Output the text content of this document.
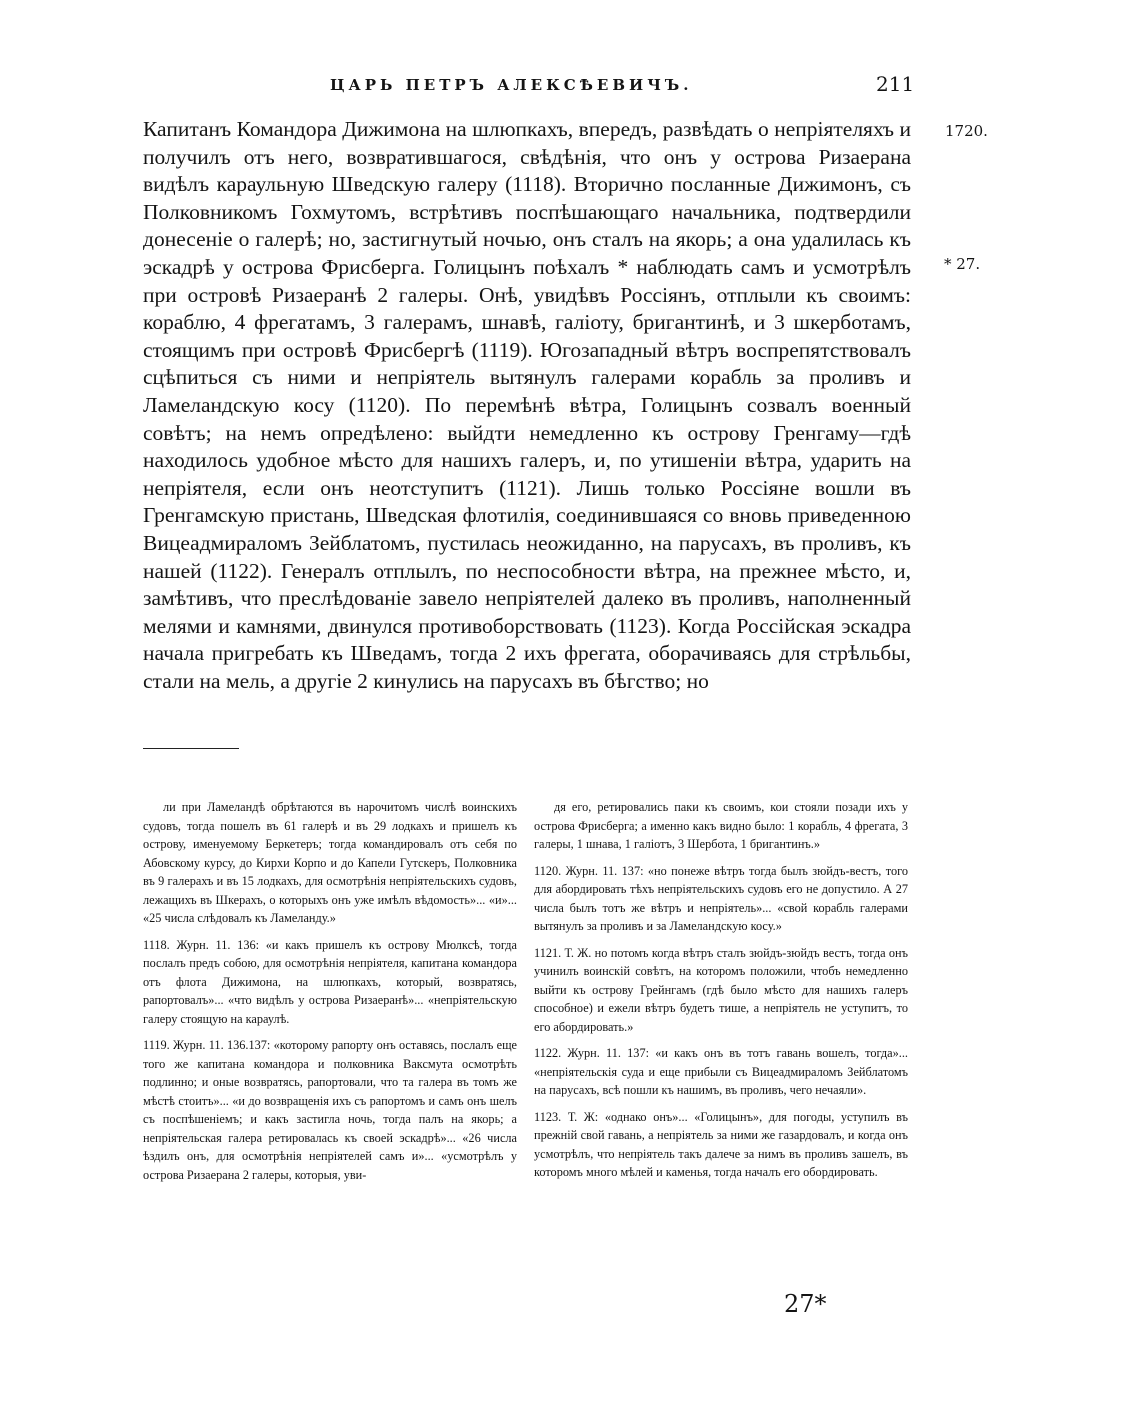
ЦАРЬ ПЕТРЪ АЛЕКСѢЕВИЧЪ.	211
1720.
* 27.

Капитанъ Командора Дижимона на шлюпкахъ, впередъ, развѣдать о непріятеляхъ и получилъ отъ него, возвратившагося, свѣдѣнія, что онъ у острова Ризаерана видѣлъ караульную Шведскую галеру (1118). Вторично посланные Дижимонъ, съ Полковникомъ Гохмутомъ, встрѣтивъ поспѣшающаго начальника, подтвердили донесеніе о галерѣ; но, застигнутый ночью, онъ сталъ на якорь; а она удалилась къ эскадрѣ у острова Фрисберга. Голицынъ поѣхалъ * наблюдать самъ и усмотрѣлъ при островѣ Ризаеранѣ 2 галеры. Онѣ, увидѣвъ Россіянъ, отплыли къ своимъ: кораблю, 4 фрегатамъ, 3 галерамъ, шнавѣ, галіоту, бригантинѣ, и 3 шкерботамъ, стоящимъ при островѣ Фрисбергѣ (1119). Югозападный вѣтръ воспрепятствовалъ сцѣпиться съ ними и непріятель вытянулъ галерами корабль за проливъ и Ламеландскую косу (1120). По перемѣнѣ вѣтра, Голицынъ созвалъ военный совѣтъ; на немъ опредѣлено: выйдти немедленно къ острову Гренгаму—гдѣ находилось удобное мѣсто для нашихъ галеръ, и, по утишеніи вѣтра, ударить на непріятеля, если онъ неотступитъ (1121). Лишь только Россіяне вошли въ Гренгамскую пристань, Шведская флотилія, соединившаяся со вновь приведенною Вицеадмираломъ Зейблатомъ, пустилась неожиданно, на парусахъ, въ проливъ, къ нашей (1122). Генералъ отплылъ, по неспособности вѣтра, на прежнее мѣсто, и, замѣтивъ, что преслѣдованіе завело непріятелей далеко въ проливъ, наполненный мелями и камнями, двинулся противоборствовать (1123). Когда Россійская эскадра начала пригребать къ Шведамъ, тогда 2 ихъ фрегата, оборачиваясь для стрѣльбы, стали на мель, а другіе 2 кинулись на парусахъ въ бѣгство; но

ли при Ламеландѣ обрѣтаются въ нарочитомъ числѣ воинскихъ судовъ, тогда пошелъ въ 61 галерѣ и въ 29 лодкахъ и пришелъ къ острову, именуемому Беркетеръ; тогда командировалъ отъ себя по Абовскому курсу, до Кирхи Корпо и до Капели Гутскеръ, Полковника въ 9 галерахъ и въ 15 лодкахъ, для осмотрѣнія непріятельскихъ судовъ, лежащихъ въ Шкерахъ, о которыхъ онъ уже имѣлъ вѣдомость»... «и»... «25 числа слѣдовалъ къ Ламеланду.»

1118. Журн. 11. 136: «и какъ пришелъ къ острову Мюлксѣ, тогда послалъ предъ собою, для осмотрѣнія непріятеля, капитана командора отъ флота Дижимона, на шлюпкахъ, который, возвратясь, рапортовалъ»... «что видѣлъ у острова Ризаеранѣ»... «непріятельскую галеру стоящую на караулѣ.

1119. Журн. 11. 136.137: «которому рапорту онъ оставясь, послалъ еще того же капитана командора и полковника Ваксмута осмотрѣть подлинно; и оные возвратясь, рапортовали, что та галера въ томъ же мѣстѣ стоитъ»... «и до возвращенія ихъ съ рапортомъ и самъ онъ шелъ съ поспѣшеніемъ; и какъ застигла ночь, тогда палъ на якорь; а непріятельская галера ретировалась къ своей эскадрѣ»... «26 числа ѣздилъ онъ, для осмотрѣнія непріятелей самъ и»... «усмотрѣлъ у острова Ризаерана 2 галеры, которыя, уви-

дя его, ретировались паки къ своимъ, кои стояли позади ихъ у острова Фрисберга; а именно какъ видно было: 1 корабль, 4 фрегата, 3 галеры, 1 шнава, 1 галіотъ, 3 Шербота, 1 бригантинъ.»

1120. Журн. 11. 137: «но понеже вѣтръ тогда былъ зюйдъ-вестъ, того для абордировать тѣхъ непріятельскихъ судовъ его не допустило. А 27 числа былъ тотъ же вѣтръ и непріятель»... «свой корабль галерами вытянулъ за проливъ и за Ламеландскую косу.»

1121. Т. Ж. но потомъ когда вѣтръ сталъ зюйдъ-зюйдъ вестъ, тогда онъ учинилъ воинскій совѣтъ, на которомъ положили, чтобъ немедленно выйти къ острову Грейнгамъ (гдѣ было мѣсто для нашихъ галеръ способное) и ежели вѣтръ будетъ тише, а непріятель не уступитъ, то его абордировать.»

1122. Журн. 11. 137: «и какъ онъ въ тотъ гавань вошелъ, тогда»... «непріятельскія суда и еще прибыли съ Вицеадмираломъ Зейблатомъ на парусахъ, всѣ пошли къ нашимъ, въ проливъ, чего нечаяли».

1123. Т. Ж: «однако онъ»... «Голицынъ», для погоды, уступилъ въ прежній свой гавань, а непріятель за ними же газардовалъ, и когда онъ усмотрѣлъ, что непріятель такъ далече за нимъ въ проливъ зашелъ, въ которомъ много мѣлей и каменья, тогда началъ его обордировать.

27*
